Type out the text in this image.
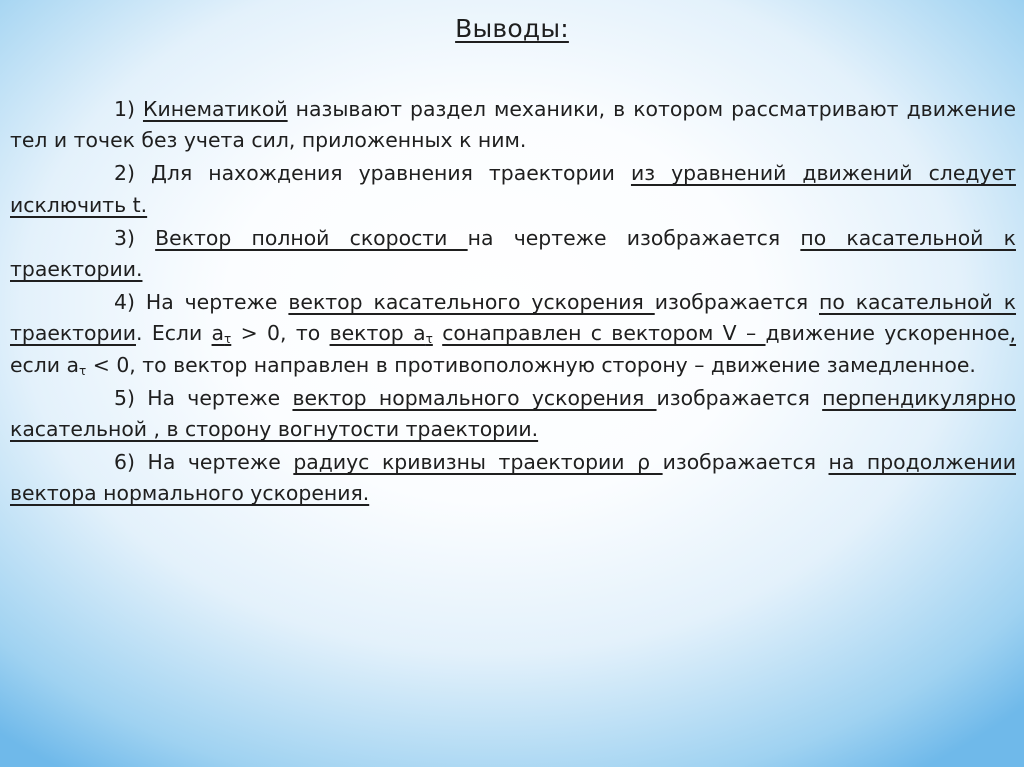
Выводы:

1) Кинематикой называют раздел механики, в котором рассматривают движение тел и точек без учета сил, приложенных к ним.

2) Для нахождения уравнения траектории из уравнений движений следует исключить t.

3) Вектор полной скорости на чертеже изображается по касательной к траектории.

4) На чертеже вектор касательного ускорения изображается по касательной к траектории. Если $a_\tau > 0$, то вектор $a_\tau$ сонаправлен с вектором V – движение ускоренное, если $a_\tau < 0$, то вектор направлен в противоположную сторону – движение замедленное.

5) На чертеже вектор нормального ускорения изображается перпендикулярно касательной , в сторону вогнутости траектории.

6) На чертеже радиус кривизны траектории ρ изображается на продолжении вектора нормального ускорения.
